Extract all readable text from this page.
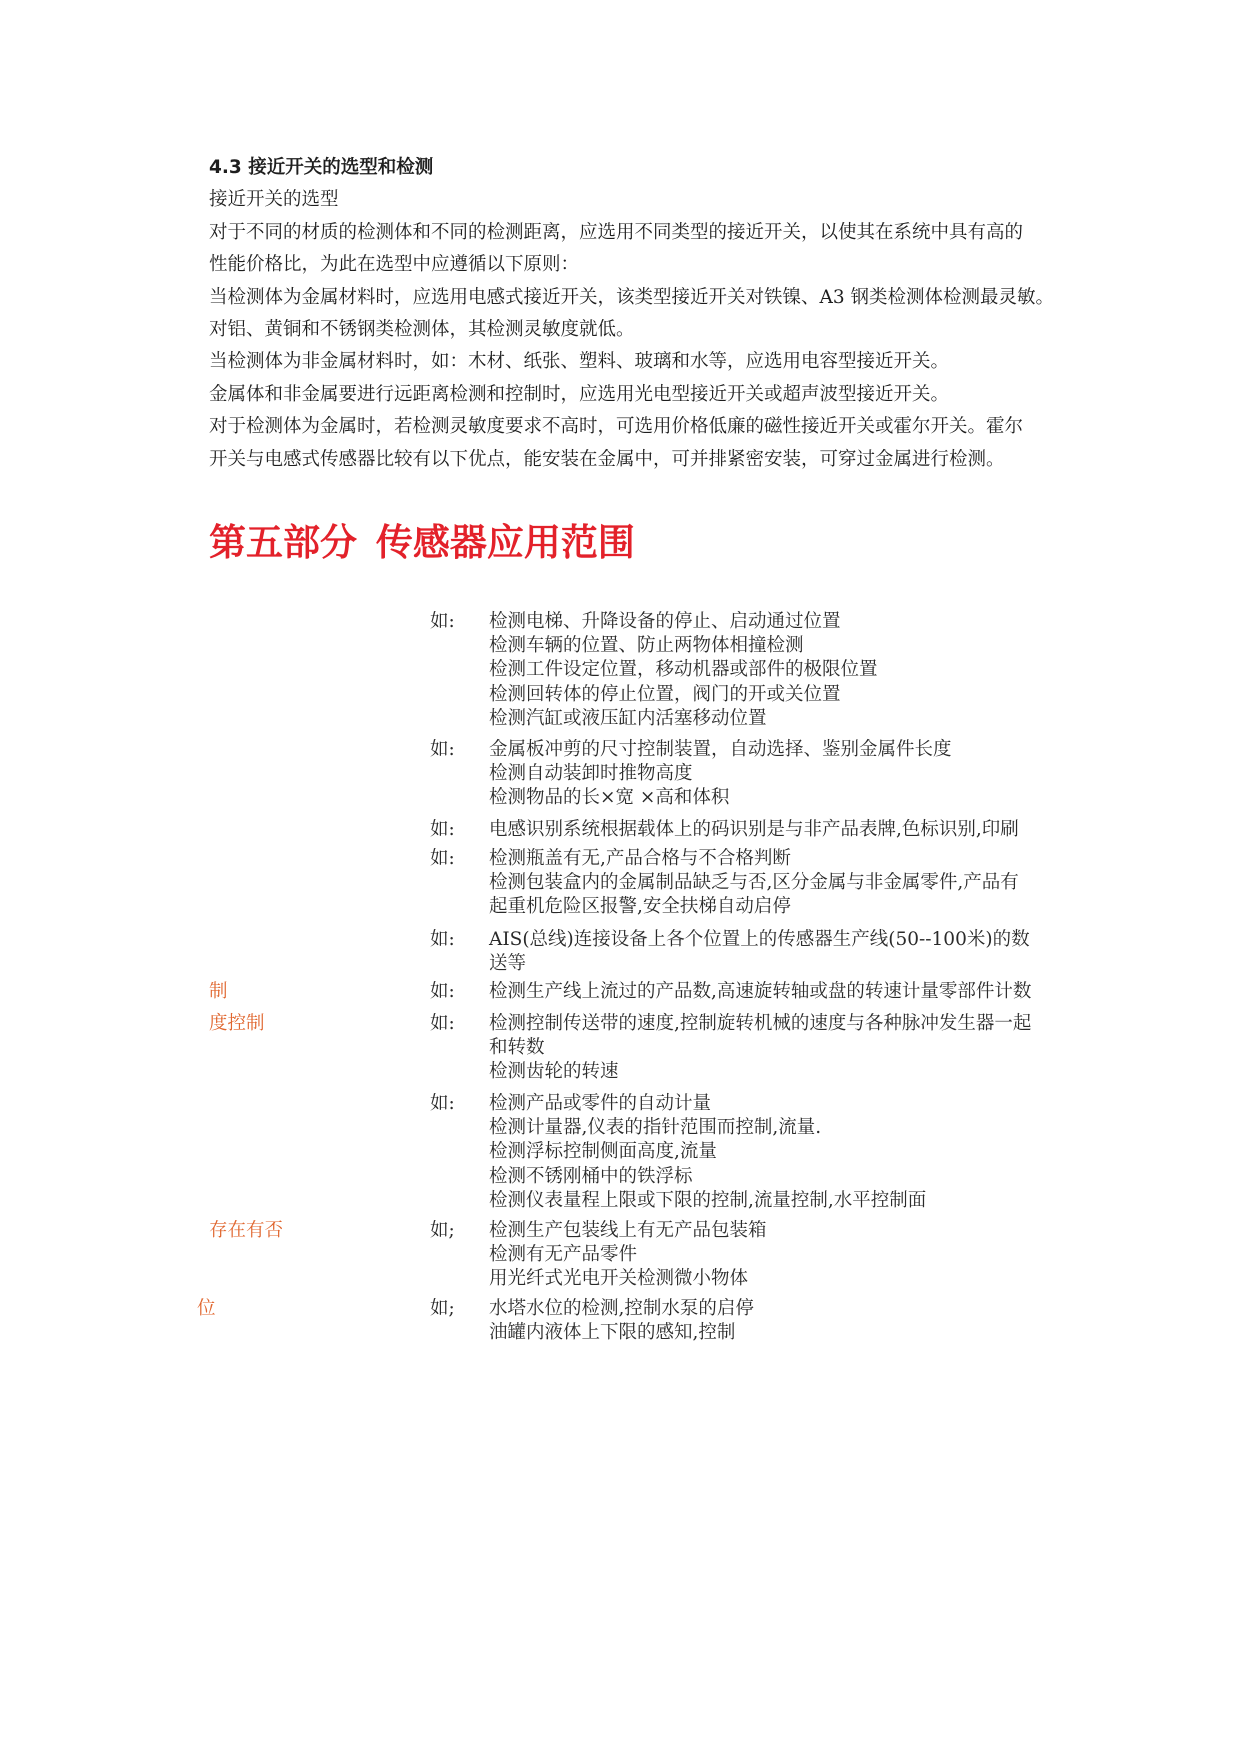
4.3 接近开关的选型和检测
接近开关的选型
对于不同的材质的检测体和不同的检测距离，应选用不同类型的接近开关，以使其在系统中具有高的
性能价格比，为此在选型中应遵循以下原则：
当检测体为金属材料时，应选用电感式接近开关，该类型接近开关对铁镍、A3 钢类检测体检测最灵敏。
对铝、黄铜和不锈钢类检测体，其检测灵敏度就低。
当检测体为非金属材料时，如：木材、纸张、塑料、玻璃和水等，应选用电容型接近开关。
金属体和非金属要进行远距离检测和控制时，应选用光电型接近开关或超声波型接近开关。
对于检测体为金属时，若检测灵敏度要求不高时，可选用价格低廉的磁性接近开关或霍尔开关。霍尔
开关与电感式传感器比较有以下优点，能安装在金属中，可并排紧密安装，可穿过金属进行检测。
第五部分 传感器应用范围
如: 检测电梯、升降设备的停止、启动通过位置
检测车辆的位置、防止两物体相撞检测
检测工件设定位置，移动机器或部件的极限位置
检测回转体的停止位置，阀门的开或关位置
检测汽缸或液压缸内活塞移动位置
如: 金属板冲剪的尺寸控制装置，自动选择、鉴别金属件长度
检测自动装卸时推物高度
检测物品的长×宽 ×高和体积
如: 电感识别系统根据载体上的码识别是与非产品表牌,色标识别,印刷
如: 检测瓶盖有无,产品合格与不合格判断
检测包装盒内的金属制品缺乏与否,区分金属与非金属零件,产品有
起重机危险区报警,安全扶梯自动启停
如: AIS(总线)连接设备上各个位置上的传感器生产线(50--100米)的数
送等
制	如: 检测生产线上流过的产品数,高速旋转轴或盘的转速计量零部件计数
度控制	如: 检测控制传送带的速度,控制旋转机械的速度与各种脉冲发生器一起
和转数
检测齿轮的转速
如: 检测产品或零件的自动计量
检测计量器,仪表的指针范围而控制,流量.
检测浮标控制侧面高度,流量
检测不锈刚桶中的铁浮标
检测仪表量程上限或下限的控制,流量控制,水平控制面
存在有否	如; 检测生产包装线上有无产品包装箱
检测有无产品零件
用光纤式光电开关检测微小物体
位	如; 水塔水位的检测,控制水泵的启停
油罐内液体上下限的感知,控制
